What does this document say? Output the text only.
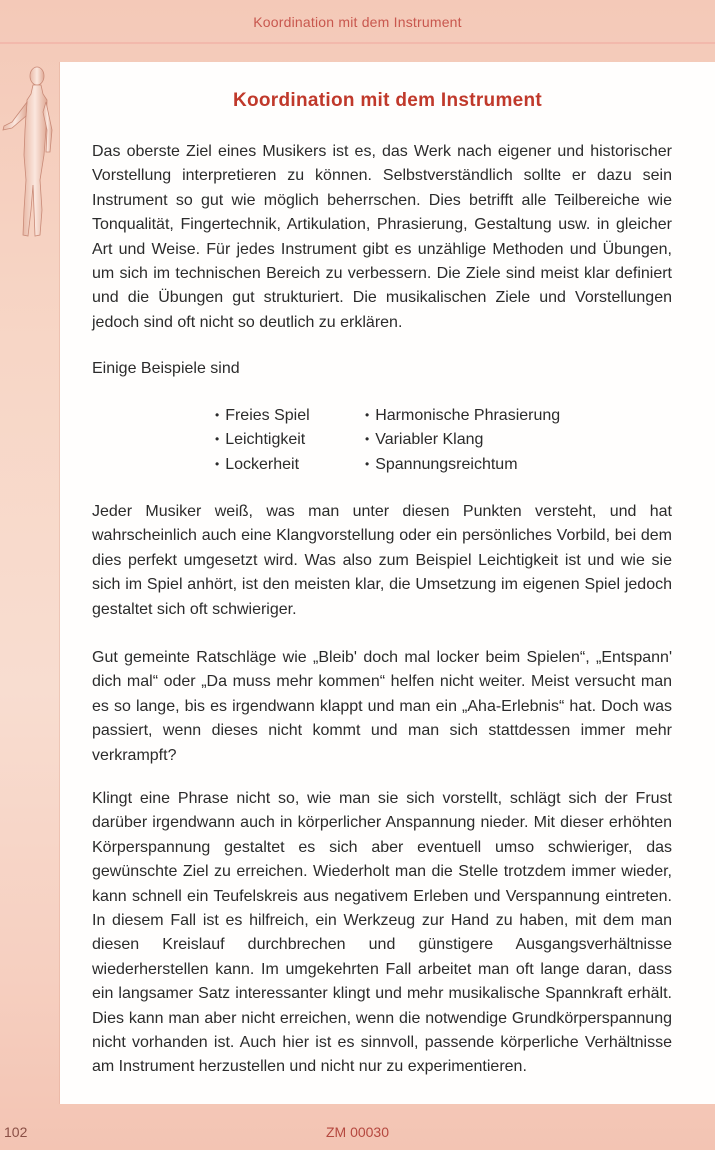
Koordination mit dem Instrument
Koordination mit dem Instrument

Das oberste Ziel eines Musikers ist es, das Werk nach eigener und historischer Vorstellung interpretieren zu können. Selbstverständlich sollte er dazu sein Instrument so gut wie möglich beherrschen. Dies betrifft alle Teilbereiche wie Tonqualität, Fingertechnik, Artikulation, Phrasierung, Gestaltung usw. in gleicher Art und Weise. Für jedes Instrument gibt es unzählige Methoden und Übungen, um sich im technischen Bereich zu verbessern. Die Ziele sind meist klar definiert und die Übungen gut strukturiert. Die musikalischen Ziele und Vorstellungen jedoch sind oft nicht so deutlich zu erklären.

Einige Beispiele sind

• Freies Spiel
• Leichtigkeit
• Lockerheit
• Harmonische Phrasierung
• Variabler Klang
• Spannungsreichtum

Jeder Musiker weiß, was man unter diesen Punkten versteht, und hat wahrscheinlich auch eine Klangvorstellung oder ein persönliches Vorbild, bei dem dies perfekt umgesetzt wird. Was also zum Beispiel Leichtigkeit ist und wie sie sich im Spiel anhört, ist den meisten klar, die Umsetzung im eigenen Spiel jedoch gestaltet sich oft schwieriger.

Gut gemeinte Ratschläge wie „Bleib' doch mal locker beim Spielen“, „Entspann' dich mal“ oder „Da muss mehr kommen“ helfen nicht weiter. Meist versucht man es so lange, bis es irgendwann klappt und man ein „Aha-Erlebnis“ hat. Doch was passiert, wenn dieses nicht kommt und man sich stattdessen immer mehr verkrampft?

Klingt eine Phrase nicht so, wie man sie sich vorstellt, schlägt sich der Frust darüber irgendwann auch in körperlicher Anspannung nieder. Mit dieser erhöhten Körperspannung gestaltet es sich aber eventuell umso schwieriger, das gewünschte Ziel zu erreichen. Wiederholt man die Stelle trotzdem immer wieder, kann schnell ein Teufelskreis aus negativem Erleben und Verspannung eintreten. In diesem Fall ist es hilfreich, ein Werkzeug zur Hand zu haben, mit dem man diesen Kreislauf durchbrechen und günstigere Ausgangsverhältnisse wiederherstellen kann. Im umgekehrten Fall arbeitet man oft lange daran, dass ein langsamer Satz interessanter klingt und mehr musikalische Spannkraft erhält. Dies kann man aber nicht erreichen, wenn die notwendige Grundkörperspannung nicht vorhanden ist. Auch hier ist es sinnvoll, passende körperliche Verhältnisse am Instrument herzustellen und nicht nur zu experimentieren.

102	ZM 00030
